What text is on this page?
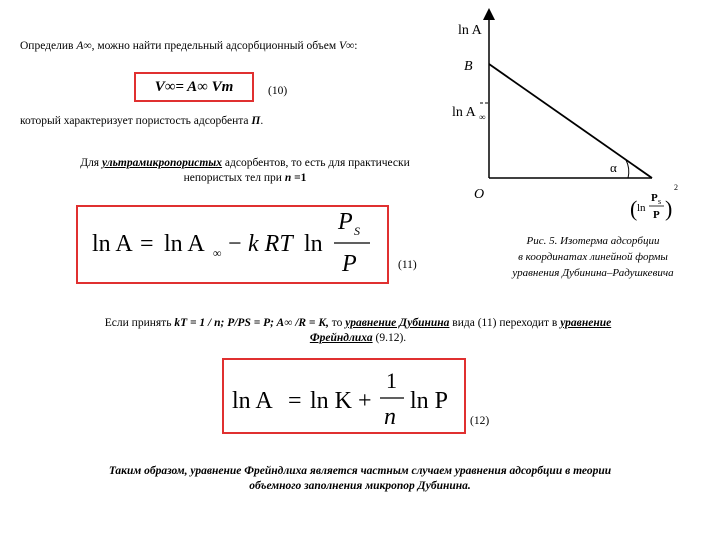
Определив A∞, можно найти предельный адсорбционный объем V∞:
V∞= A∞ Vm	(10)
который характеризует пористость адсорбента П.
Для ультрамикропористых адсорбентов, то есть для практически
непористых тел при n =1
ln A = ln A ∞ − k RT ln
P S
P	(11)
ln A
B
ln A ∞
O
α
( ln
P s
P )
2
Рис. 5. Изотерма адсорбции
в координатах линейной формы
уравнения Дубинина–Радушкевича
Если принять kT = 1 / n; P/PS = P; A∞ /R = K, то уравнение Дубинина вида (11) переходит в уравнение
Фрейндлиха (9.12).
ln A = ln K +
1
n
ln P
(12)
Таким образом, уравнение Фрейндлиха является частным случаем уравнения адсорбции в теории
объемного заполнения микропор Дубинина.
